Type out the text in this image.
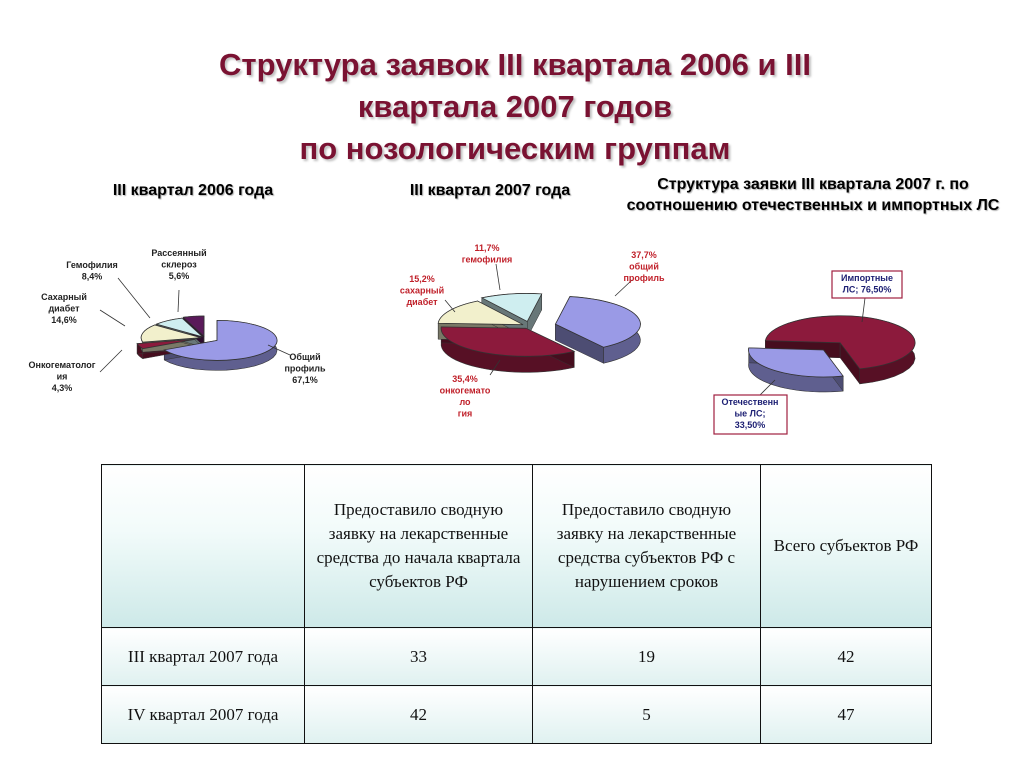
Структура заявок III квартала 2006 и III
квартала 2007 годов
по нозологическим группам
III квартал 2006 года	III квартал 2007 года	Структура заявки III квартала 2007 г. по
соотношению отечественных и импортных ЛС
Общий профиль 67,1%
Онкогематолог ия 4,3%
Сахарный диабет 14,6%
Гемофилия 8,4%
Рассеянный склероз 5,6%
37,7% общий профиль
35,4% онкогемато ло гия
15,2% сахарный диабет
11,7% гемофилия
Импортные ЛС; 76,50%
Отечественн ые ЛС; 33,50%
	Предоставило сводную заявку на лекарственные средства до начала квартала субъектов РФ	Предоставило сводную заявку на лекарственные средства субъектов РФ с нарушением сроков	Всего субъектов РФ
III квартал 2007 года	33	19	42
IV квартал 2007 года	42	5	47
